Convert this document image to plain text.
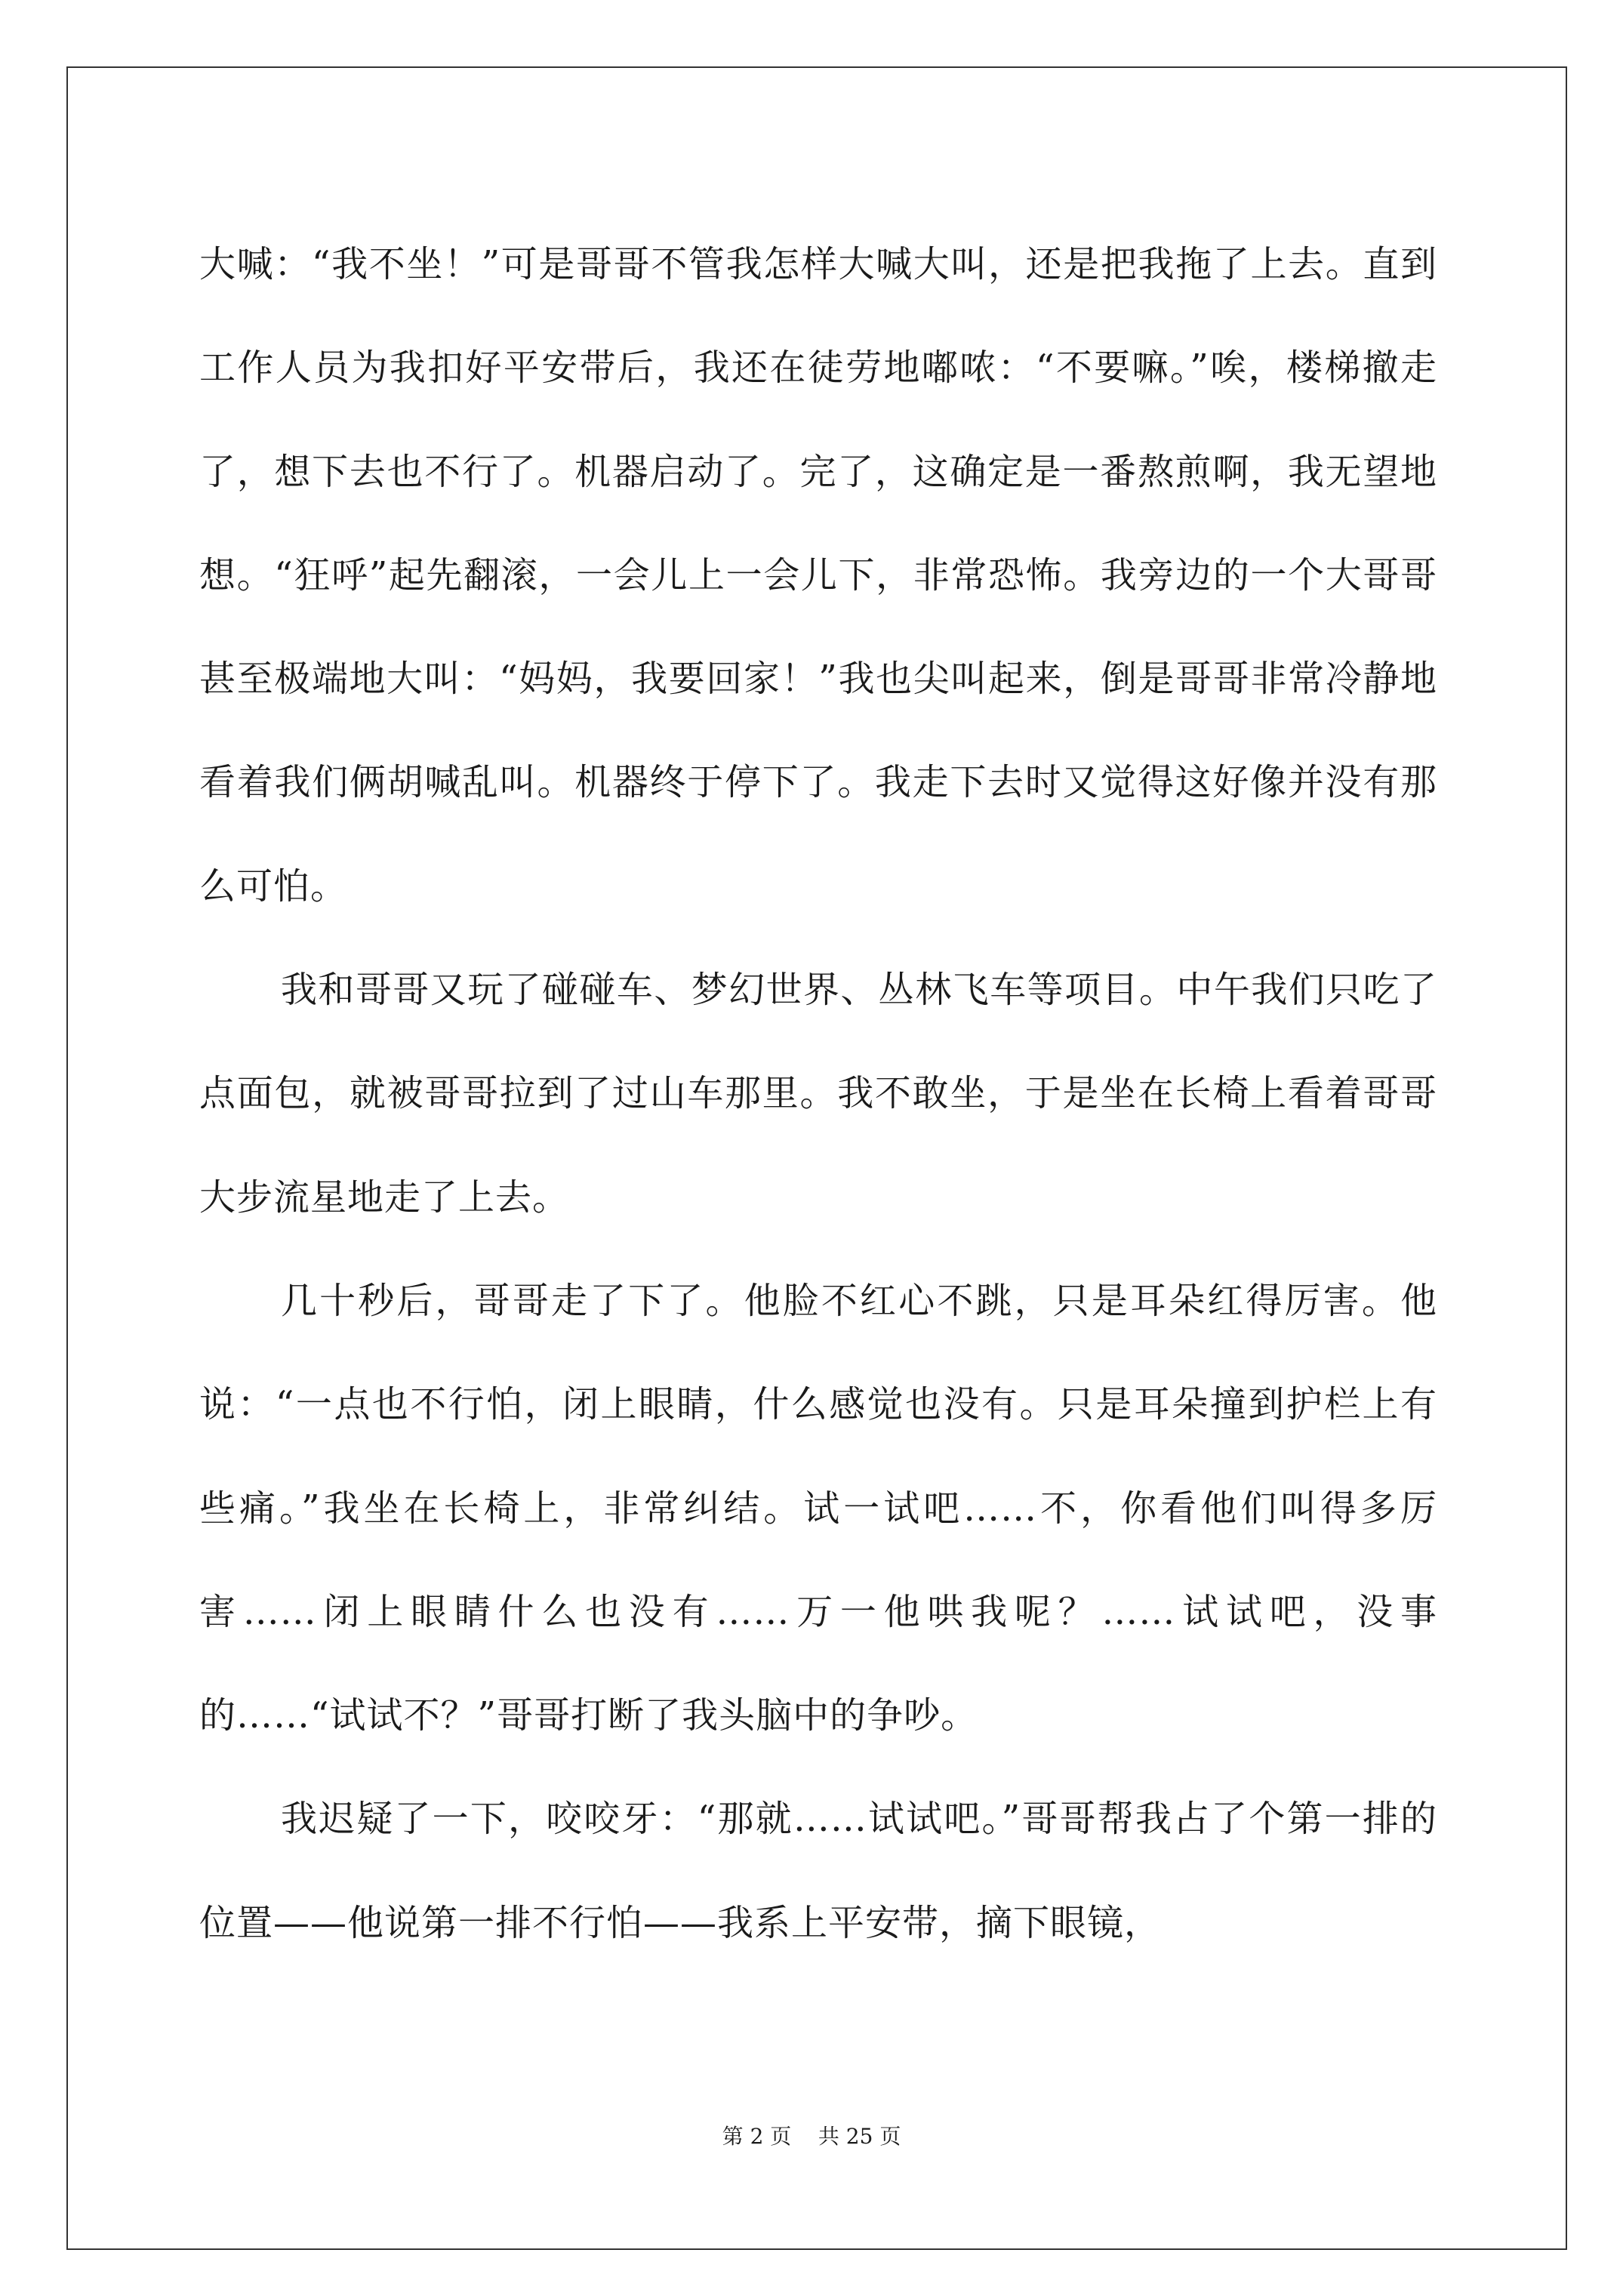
大喊：“我不坐！”可是哥哥不管我怎样大喊大叫，还是把我拖了上去。直到工作人员为我扣好平安带后，我还在徒劳地嘟哝：“不要嘛。”唉，楼梯撤走了，想下去也不行了。机器启动了。完了，这确定是一番熬煎啊，我无望地想。“狂呼”起先翻滚，一会儿上一会儿下，非常恐怖。我旁边的一个大哥哥甚至极端地大叫：“妈妈，我要回家！”我也尖叫起来，倒是哥哥非常冷静地看着我们俩胡喊乱叫。机器终于停下了。我走下去时又觉得这好像并没有那么可怕。

我和哥哥又玩了碰碰车、梦幻世界、丛林飞车等项目。中午我们只吃了点面包，就被哥哥拉到了过山车那里。我不敢坐，于是坐在长椅上看着哥哥大步流星地走了上去。

几十秒后，哥哥走了下了。他脸不红心不跳，只是耳朵红得厉害。他说：“一点也不行怕，闭上眼睛，什么感觉也没有。只是耳朵撞到护栏上有些痛。”我坐在长椅上，非常纠结。试一试吧……不，你看他们叫得多厉害……闭上眼睛什么也没有……万一他哄我呢？……试试吧，没事的……“试试不？”哥哥打断了我头脑中的争吵。

我迟疑了一下，咬咬牙：“那就……试试吧。”哥哥帮我占了个第一排的位置——他说第一排不行怕——我系上平安带，摘下眼镜，

第 2 页    共 25 页
